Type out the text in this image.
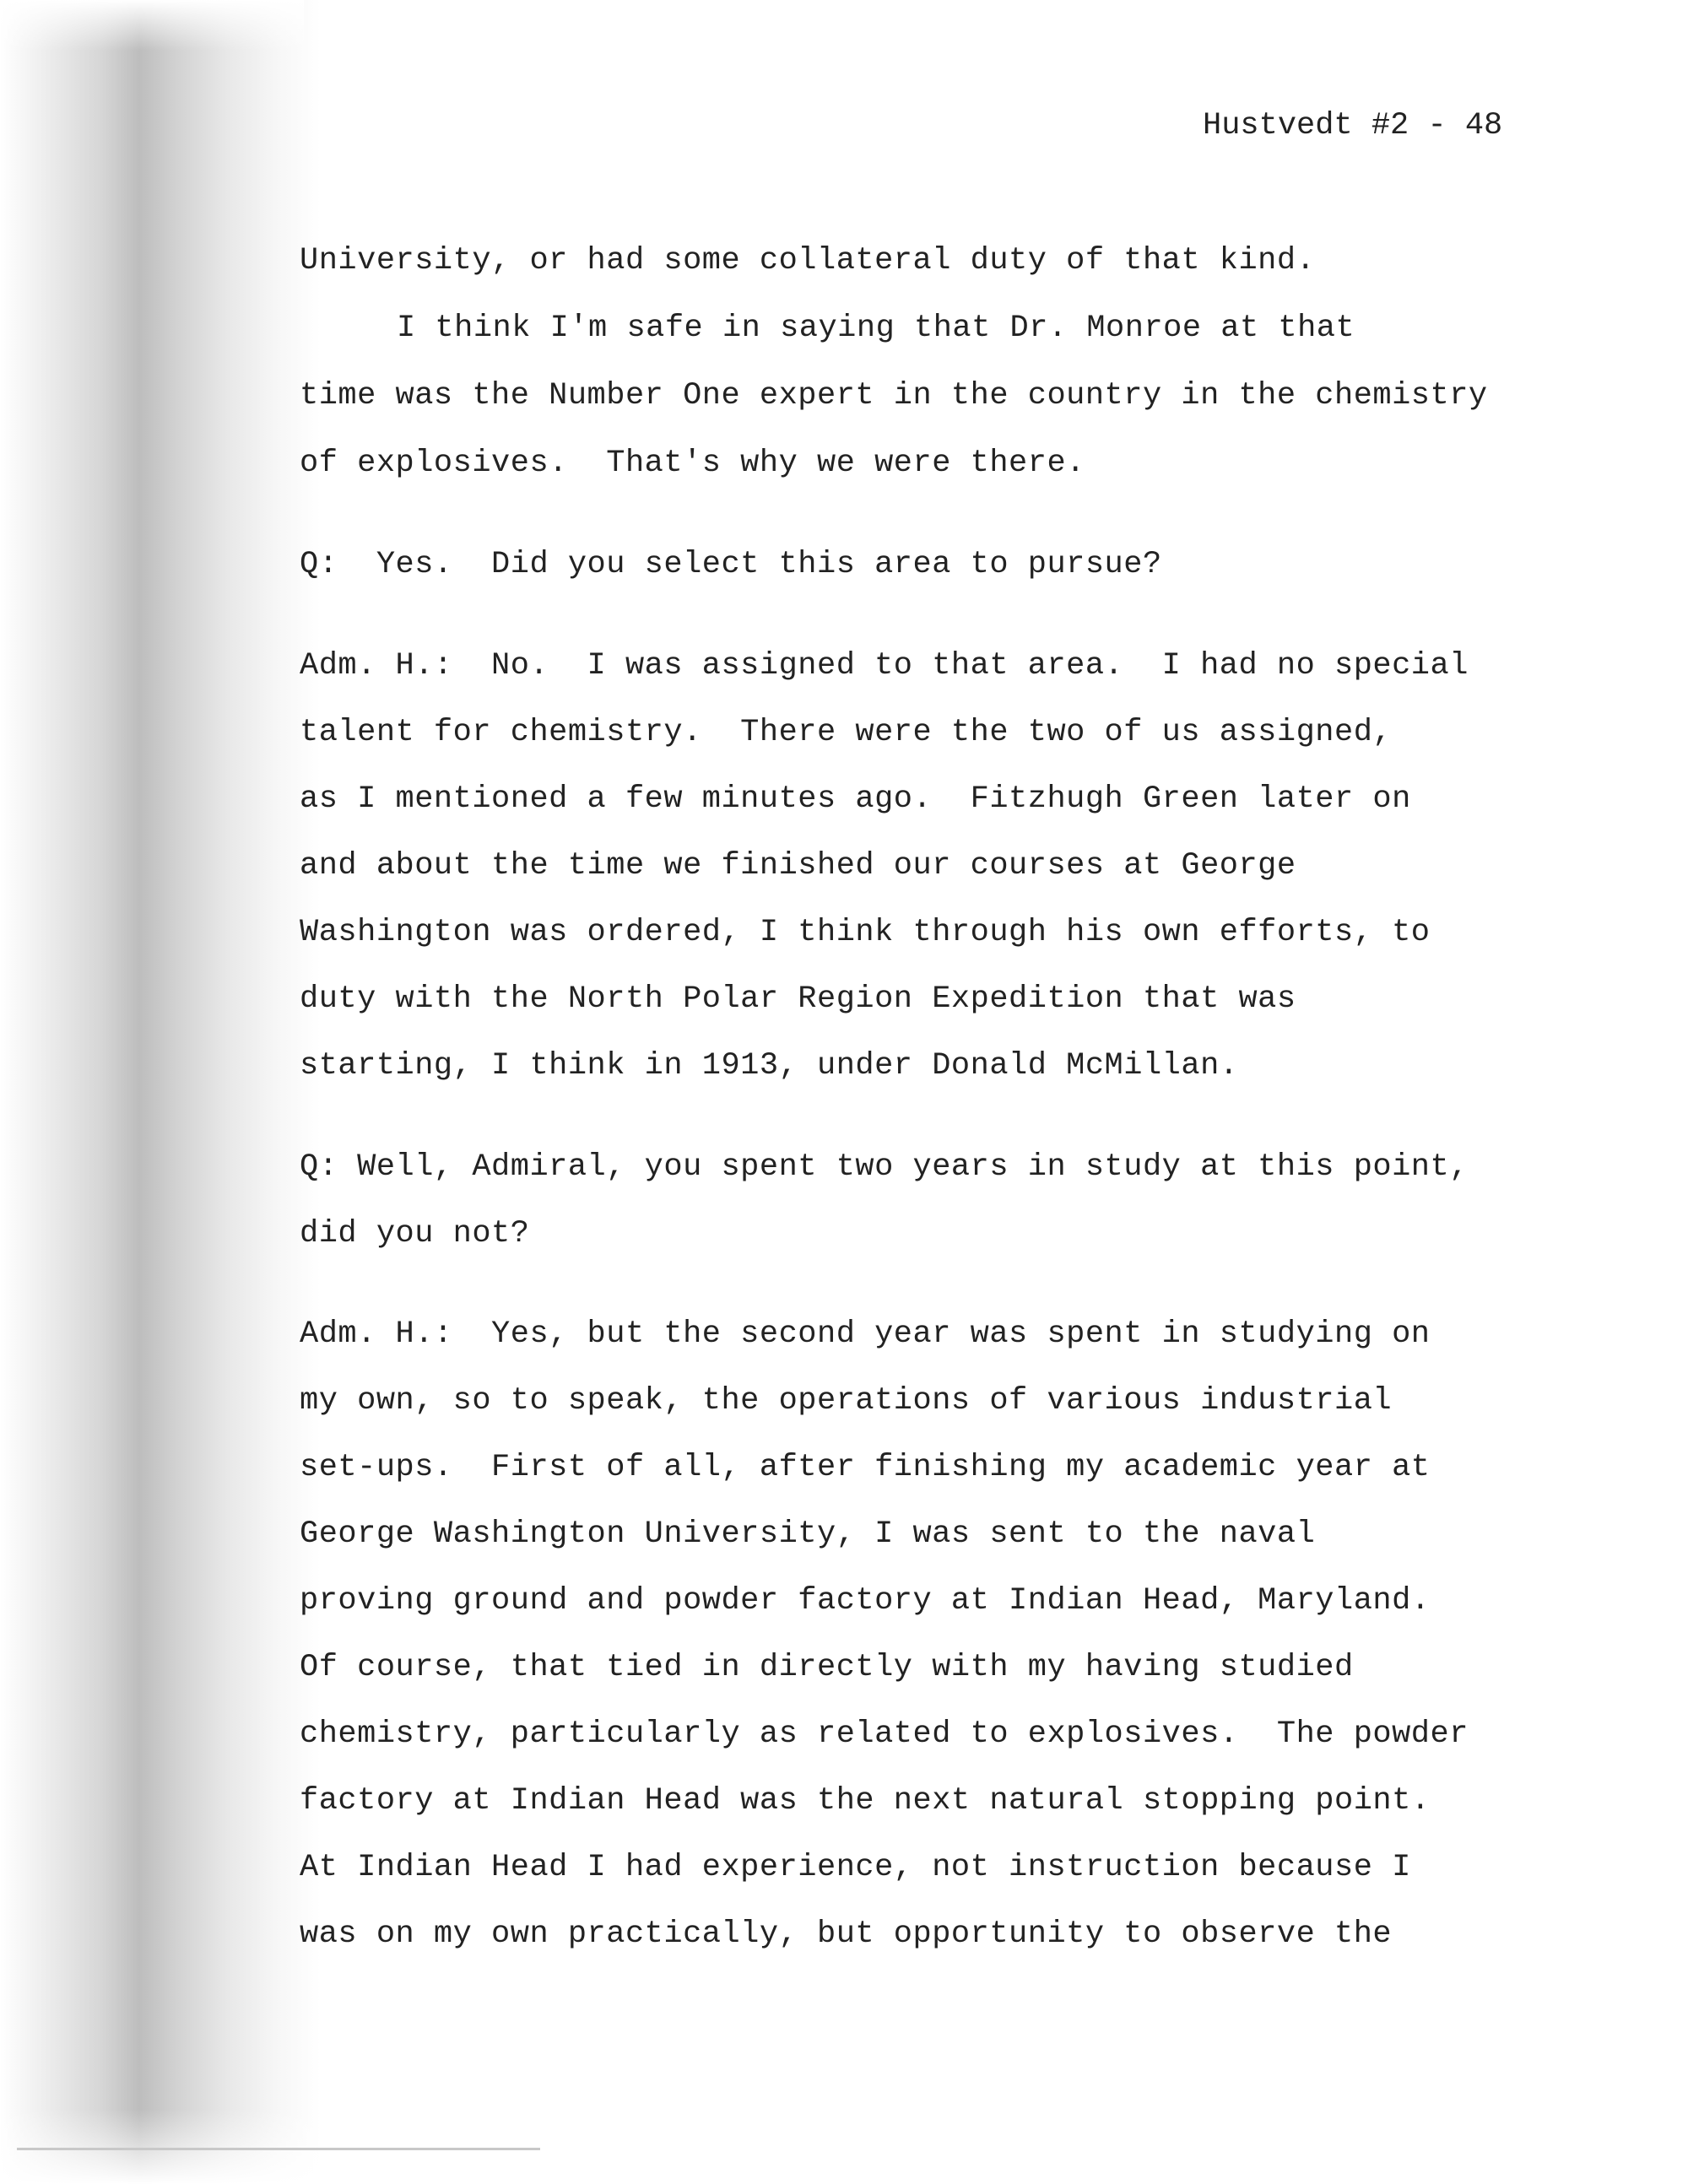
Hustvedt #2 - 48
University, or had some collateral duty of that kind.
I think I'm safe in saying that Dr. Monroe at that
time was the Number One expert in the country in the chemistry
of explosives.  That's why we were there.
Q:  Yes.  Did you select this area to pursue?
Adm. H.:  No.  I was assigned to that area.  I had no special
talent for chemistry.  There were the two of us assigned,
as I mentioned a few minutes ago.  Fitzhugh Green later on
and about the time we finished our courses at George
Washington was ordered, I think through his own efforts, to
duty with the North Polar Region Expedition that was
starting, I think in 1913, under Donald McMillan.
Q: Well, Admiral, you spent two years in study at this point,
did you not?
Adm. H.:  Yes, but the second year was spent in studying on
my own, so to speak, the operations of various industrial
set-ups.  First of all, after finishing my academic year at
George Washington University, I was sent to the naval
proving ground and powder factory at Indian Head, Maryland.
Of course, that tied in directly with my having studied
chemistry, particularly as related to explosives.  The powder
factory at Indian Head was the next natural stopping point.
At Indian Head I had experience, not instruction because I
was on my own practically, but opportunity to observe the
